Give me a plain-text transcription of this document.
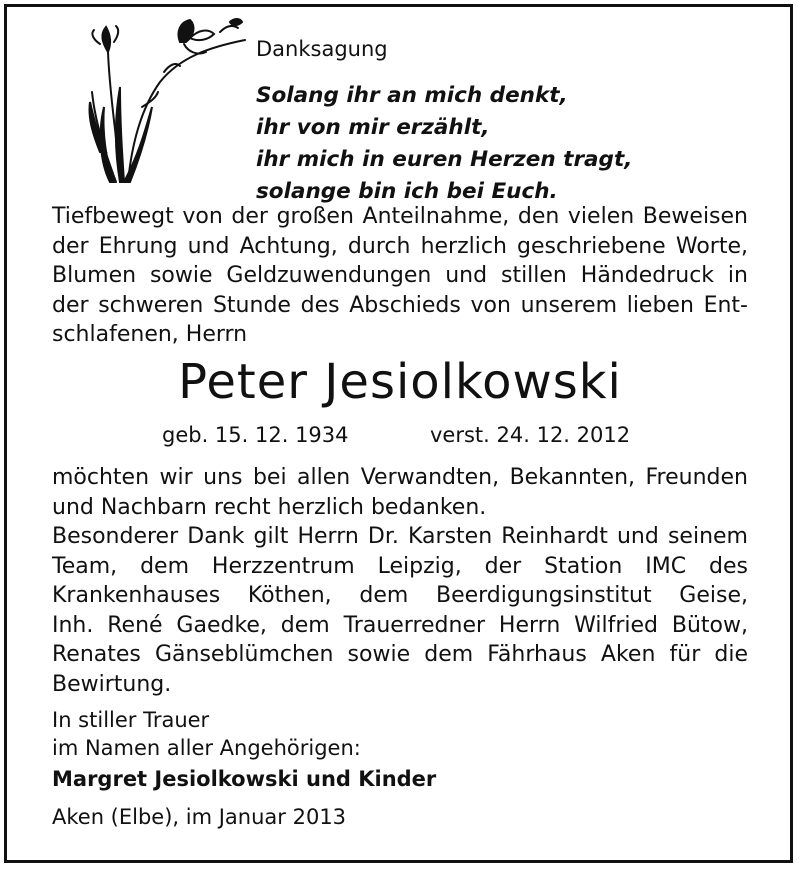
Danksagung
Solang ihr an mich denkt,
ihr von mir erzählt,
ihr mich in euren Herzen tragt,
solange bin ich bei Euch.
Tiefbewegt von der großen Anteilnahme, den vielen Beweisen
der Ehrung und Achtung, durch herzlich geschriebene Worte,
Blumen sowie Geldzuwendungen und stillen Händedruck in
der schweren Stunde des Abschieds von unserem lieben Ent-
schlafenen, Herrn
Peter Jesiolkowski
geb. 15. 12. 1934	verst. 24. 12. 2012
möchten wir uns bei allen Verwandten, Bekannten, Freunden
und Nachbarn recht herzlich bedanken.
Besonderer Dank gilt Herrn Dr. Karsten Reinhardt und seinem
Team, dem Herzzentrum Leipzig, der Station IMC des
Krankenhauses Köthen, dem Beerdigungsinstitut Geise,
Inh. René Gaedke, dem Trauerredner Herrn Wilfried Bütow,
Renates Gänseblümchen sowie dem Fährhaus Aken für die
Bewirtung.
In stiller Trauer
im Namen aller Angehörigen:
Margret Jesiolkowski und Kinder
Aken (Elbe), im Januar 2013
